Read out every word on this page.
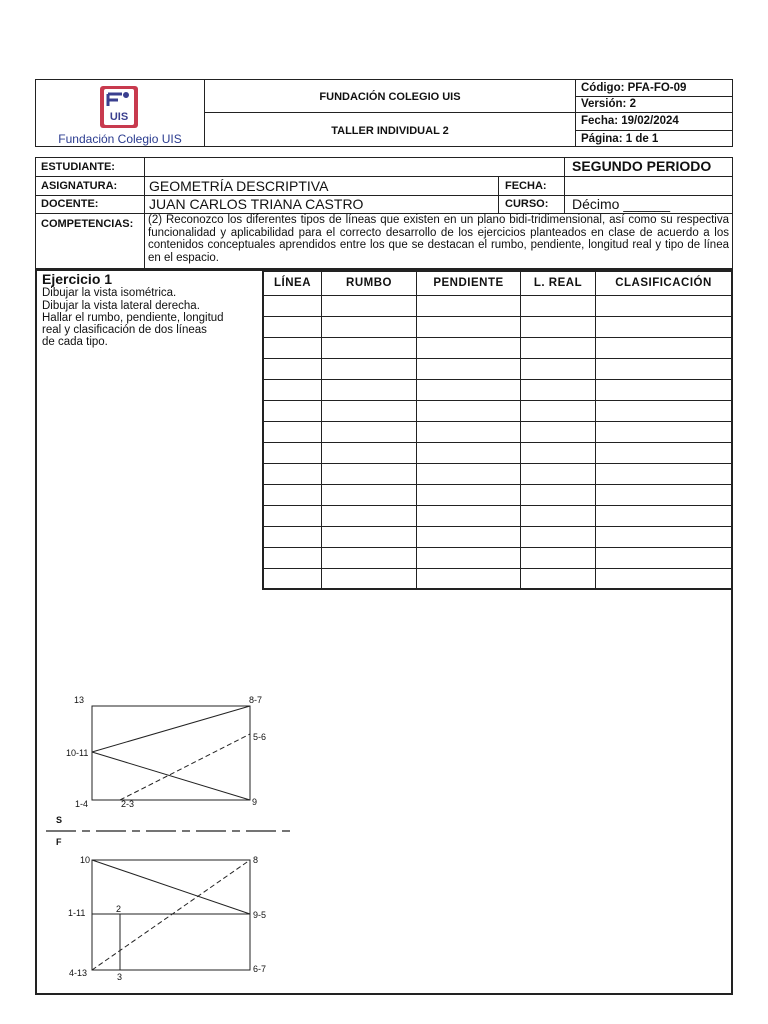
UIS
Fundación Colegio UIS
FUNDACIÓN COLEGIO UIS
TALLER INDIVIDUAL 2
Código: PFA-FO-09
Versión: 2
Fecha: 19/02/2024
Página: 1 de 1
ESTUDIANTE:	SEGUNDO PERIODO
ASIGNATURA: GEOMETRÍA DESCRIPTIVA	FECHA:
DOCENTE:	JUAN CARLOS TRIANA CASTRO	CURSO: Décimo ______
COMPETENCIAS: (2) Reconozco los diferentes tipos de líneas que existen en un plano bidi-tridimensional, así como su respectiva funcionalidad y aplicabilidad para el correcto desarrollo de los ejercicios planteados en clase de acuerdo a los contenidos conceptuales aprendidos entre los que se destacan el rumbo, pendiente, longitud real y tipo de línea en el espacio.
Ejercicio 1
Dibujar la vista isométrica.
Dibujar la vista lateral derecha.
Hallar el rumbo, pendiente, longitud
real y clasificación de dos líneas
de cada tipo.
LÍNEA	RUMBO	PENDIENTE	L. REAL	CLASIFICACIÓN

13	8-7
5-6
10-11
1-4	2-3	9
S
F
10	8
1-11	2
9-5
4-13	3
6-7
